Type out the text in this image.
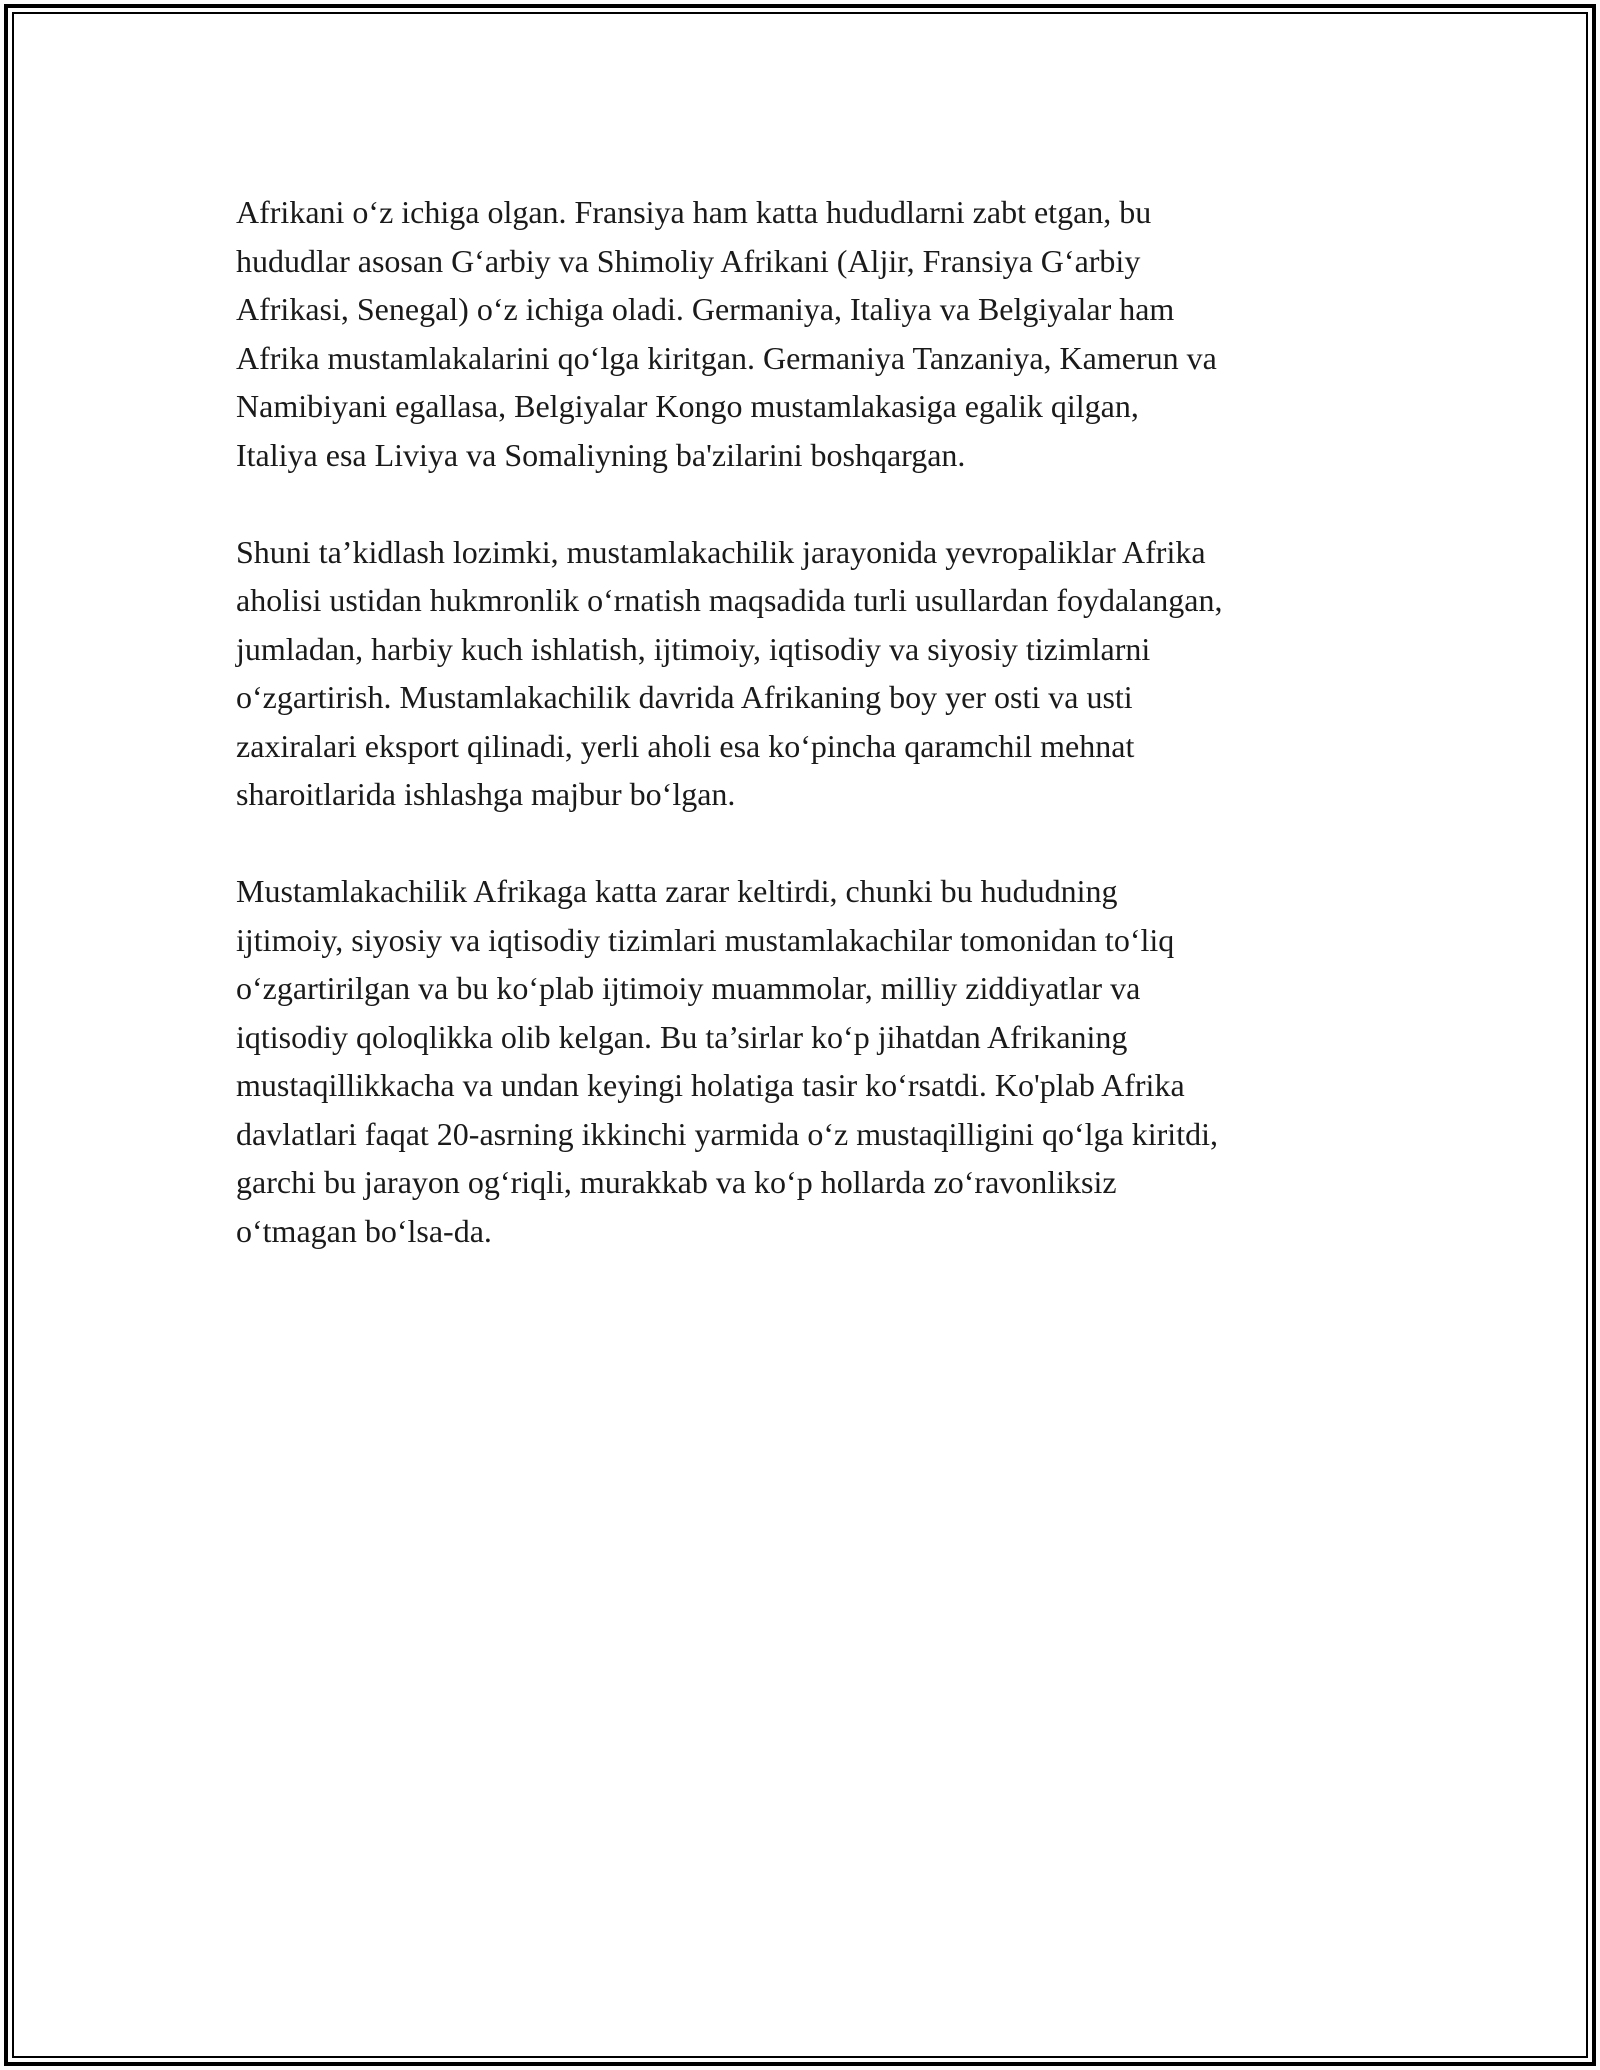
Afrikani o‘z ichiga olgan. Fransiya ham katta hududlarni zabt etgan, bu
hududlar asosan G‘arbiy va Shimoliy Afrikani (Aljir, Fransiya G‘arbiy
Afrikasi, Senegal) o‘z ichiga oladi. Germaniya, Italiya va Belgiyalar ham
Afrika mustamlakalarini qo‘lga kiritgan. Germaniya Tanzaniya, Kamerun va
Namibiyani egallasa, Belgiyalar Kongo mustamlakasiga egalik qilgan,
Italiya esa Liviya va Somaliyning ba'zilarini boshqargan.

Shuni ta’kidlash lozimki, mustamlakachilik jarayonida yevropaliklar Afrika
aholisi ustidan hukmronlik o‘rnatish maqsadida turli usullardan foydalangan,
jumladan, harbiy kuch ishlatish, ijtimoiy, iqtisodiy va siyosiy tizimlarni
o‘zgartirish. Mustamlakachilik davrida Afrikaning boy yer osti va usti
zaxiralari eksport qilinadi, yerli aholi esa ko‘pincha qaramchil mehnat
sharoitlarida ishlashga majbur bo‘lgan.

Mustamlakachilik Afrikaga katta zarar keltirdi, chunki bu hududning
ijtimoiy, siyosiy va iqtisodiy tizimlari mustamlakachilar tomonidan to‘liq
o‘zgartirilgan va bu ko‘plab ijtimoiy muammolar, milliy ziddiyatlar va
iqtisodiy qoloqlikka olib kelgan. Bu ta’sirlar ko‘p jihatdan Afrikaning
mustaqillikkacha va undan keyingi holatiga tasir ko‘rsatdi. Ko'plab Afrika
davlatlari faqat 20-asrning ikkinchi yarmida o‘z mustaqilligini qo‘lga kiritdi,
garchi bu jarayon og‘riqli, murakkab va ko‘p hollarda zo‘ravonliksiz
o‘tmagan bo‘lsa-da.
